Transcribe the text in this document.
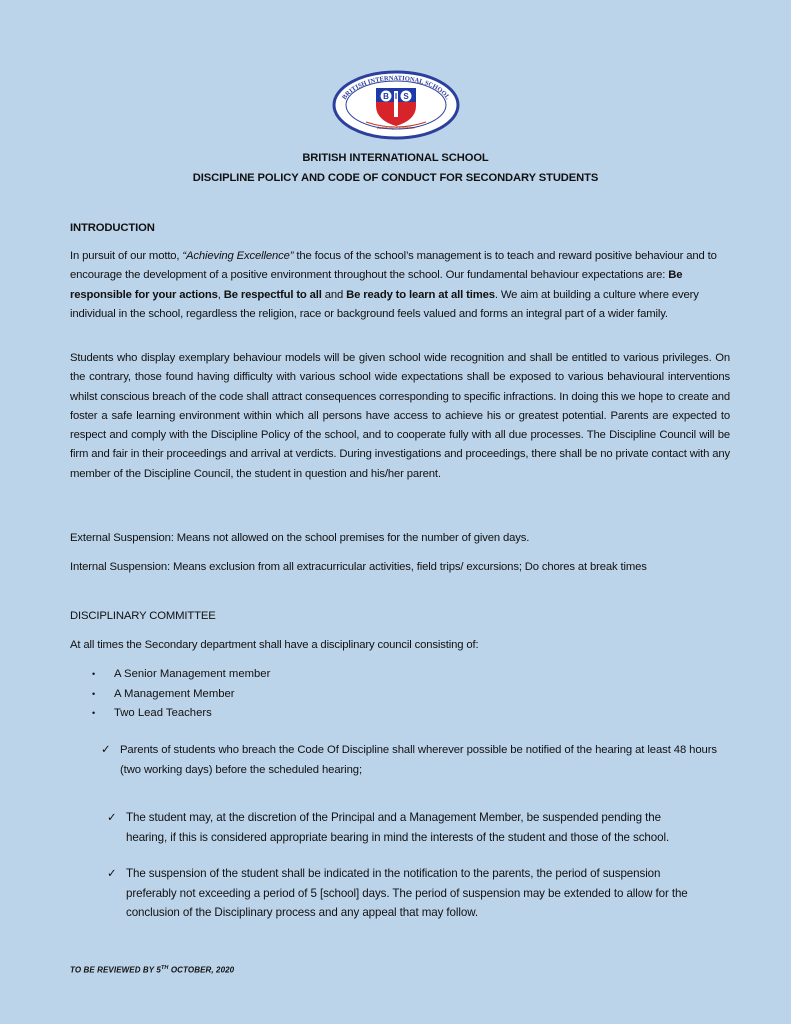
BRITISH INTERNATIONAL SCHOOL
B I S
Achieving Excellence
BRITISH INTERNATIONAL SCHOOL
DISCIPLINE POLICY AND CODE OF CONDUCT FOR SECONDARY STUDENTS
INTRODUCTION

In pursuit of our motto, “Achieving Excellence” the focus of the school’s management is to teach and reward positive behaviour and to encourage the development of a positive environment throughout the school. Our fundamental behaviour expectations are: Be responsible for your actions, Be respectful to all and Be ready to learn at all times. We aim at building a culture where every individual in the school, regardless the religion, race or background feels valued and forms an integral part of a wider family.

Students who display exemplary behaviour models will be given school wide recognition and shall be entitled to various privileges. On the contrary, those found having difficulty with various school wide expectations shall be exposed to various behavioural interventions whilst conscious breach of the code shall attract consequences corresponding to specific infractions. In doing this we hope to create and foster a safe learning environment within which all persons have access to achieve his or greatest potential. Parents are expected to respect and comply with the Discipline Policy of the school, and to cooperate fully with all due processes. The Discipline Council will be firm and fair in their proceedings and arrival at verdicts. During investigations and proceedings, there shall be no private contact with any member of the Discipline Council, the student in question and his/her parent.

External Suspension: Means not allowed on the school premises for the number of given days.

Internal Suspension: Means exclusion from all extracurricular activities, field trips/ excursions; Do chores at break times

DISCIPLINARY COMMITTEE

At all times the Secondary department shall have a disciplinary council consisting of:

•	A Senior Management member
•	A Management Member
•	Two Lead Teachers
✓ Parents of students who breach the Code Of Discipline shall wherever possible be notified of the hearing at least 48 hours (two working days) before the scheduled hearing;
✓ The student may, at the discretion of the Principal and a Management Member, be suspended pending the hearing, if this is considered appropriate bearing in mind the interests of the student and those of the school.
✓ The suspension of the student shall be indicated in the notification to the parents, the period of suspension preferably not exceeding a period of 5 [school] days. The period of suspension may be extended to allow for the conclusion of the Disciplinary process and any appeal that may follow.
TO BE REVIEWED BY 5TH OCTOBER, 2020
